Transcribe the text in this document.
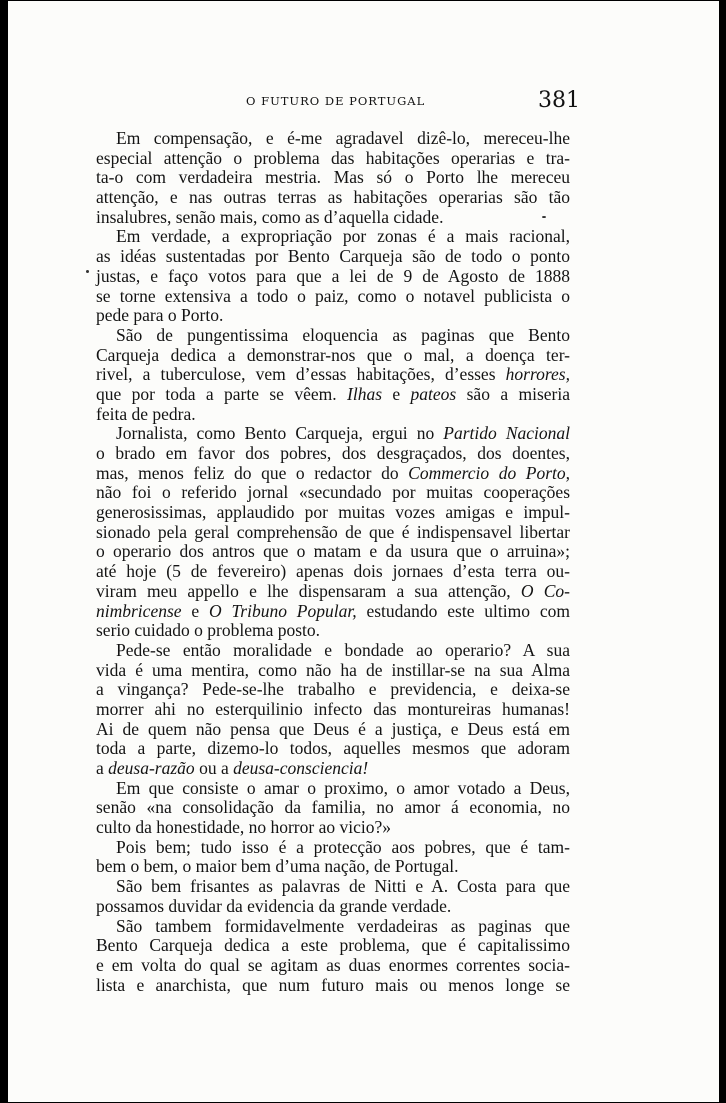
O FUTURO DE PORTUGAL	381
Em compensação, e é-me agradavel dizê-lo, mereceu-lhe
especial attenção o problema das habitações operarias e tra-
ta-o com verdadeira mestria. Mas só o Porto lhe mereceu
attenção, e nas outras terras as habitações operarias são tão
insalubres, senão mais, como as d’aquella cidade.
Em verdade, a expropriação por zonas é a mais racional,
as idéas sustentadas por Bento Carqueja são de todo o ponto
justas, e faço votos para que a lei de 9 de Agosto de 1888
se torne extensiva a todo o paiz, como o notavel publicista o
pede para o Porto.
São de pungentissima eloquencia as paginas que Bento
Carqueja dedica a demonstrar-nos que o mal, a doença ter-
rivel, a tuberculose, vem d’essas habitações, d’esses horrores,
que por toda a parte se vêem. Ilhas e pateos são a miseria
feita de pedra.
Jornalista, como Bento Carqueja, ergui no Partido Nacional
o brado em favor dos pobres, dos desgraçados, dos doentes,
mas, menos feliz do que o redactor do Commercio do Porto,
não foi o referido jornal «secundado por muitas cooperações
generosissimas, applaudido por muitas vozes amigas e impul-
sionado pela geral comprehensão de que é indispensavel libertar
o operario dos antros que o matam e da usura que o arruina»;
até hoje (5 de fevereiro) apenas dois jornaes d’esta terra ou-
viram meu appello e lhe dispensaram a sua attenção, O Co-
nimbricense e O Tribuno Popular, estudando este ultimo com
serio cuidado o problema posto.
Pede-se então moralidade e bondade ao operario? A sua
vida é uma mentira, como não ha de instillar-se na sua Alma
a vingança? Pede-se-lhe trabalho e previdencia, e deixa-se
morrer ahi no esterquilinio infecto das montureiras humanas!
Ai de quem não pensa que Deus é a justiça, e Deus está em
toda a parte, dizemo-lo todos, aquelles mesmos que adoram
a deusa-razão ou a deusa-consciencia!
Em que consiste o amar o proximo, o amor votado a Deus,
senão «na consolidação da familia, no amor á economia, no
culto da honestidade, no horror ao vicio?»
Pois bem; tudo isso é a protecção aos pobres, que é tam-
bem o bem, o maior bem d’uma nação, de Portugal.
São bem frisantes as palavras de Nitti e A. Costa para que
possamos duvidar da evidencia da grande verdade.
São tambem formidavelmente verdadeiras as paginas que
Bento Carqueja dedica a este problema, que é capitalissimo
e em volta do qual se agitam as duas enormes correntes socia-
lista e anarchista, que num futuro mais ou menos longe se
